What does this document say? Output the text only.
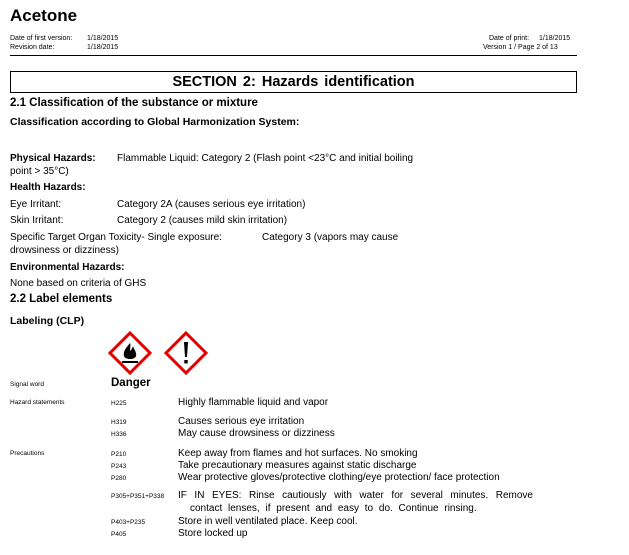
Acetone
Date of first version: 1/18/2015
Revision date:	1/18/2015
Date of print: 1/18/2015
Version 1 / Page 2 of 13
SECTION 2: Hazards identification
2.1 Classification of the substance or mixture
Classification according to Global Harmonization System:
Physical Hazards: Flammable Liquid: Category 2 (Flash point <23°C and initial boiling
point > 35°C)
Health Hazards:
Eye Irritant:	Category 2A (causes serious eye irritation)
Skin Irritant:	Category 2 (causes mild skin irritation)
Specific Target Organ Toxicity- Single exposure:	Category 3 (vapors may cause
drowsiness or dizziness)
Environmental Hazards:
None based on criteria of GHS
2.2 Label elements
Labeling (CLP)
Signal word	Danger
Hazard statements	H225	Highly flammable liquid and vapor
H319	Causes serious eye irritation
H336	May cause drowsiness or dizziness
Precautions	P210	Keep away from flames and hot surfaces. No smoking
P243	Take precautionary measures against static discharge
P280	Wear protective gloves/protective clothing/eye protection/ face protection
P305+P351+P338 IF IN EYES: Rinse cautiously with water for several minutes. Remove
contact lenses, if present and easy to do. Continue rinsing.
P403+P235	Store in well ventilated place. Keep cool.
P405	Store locked up
